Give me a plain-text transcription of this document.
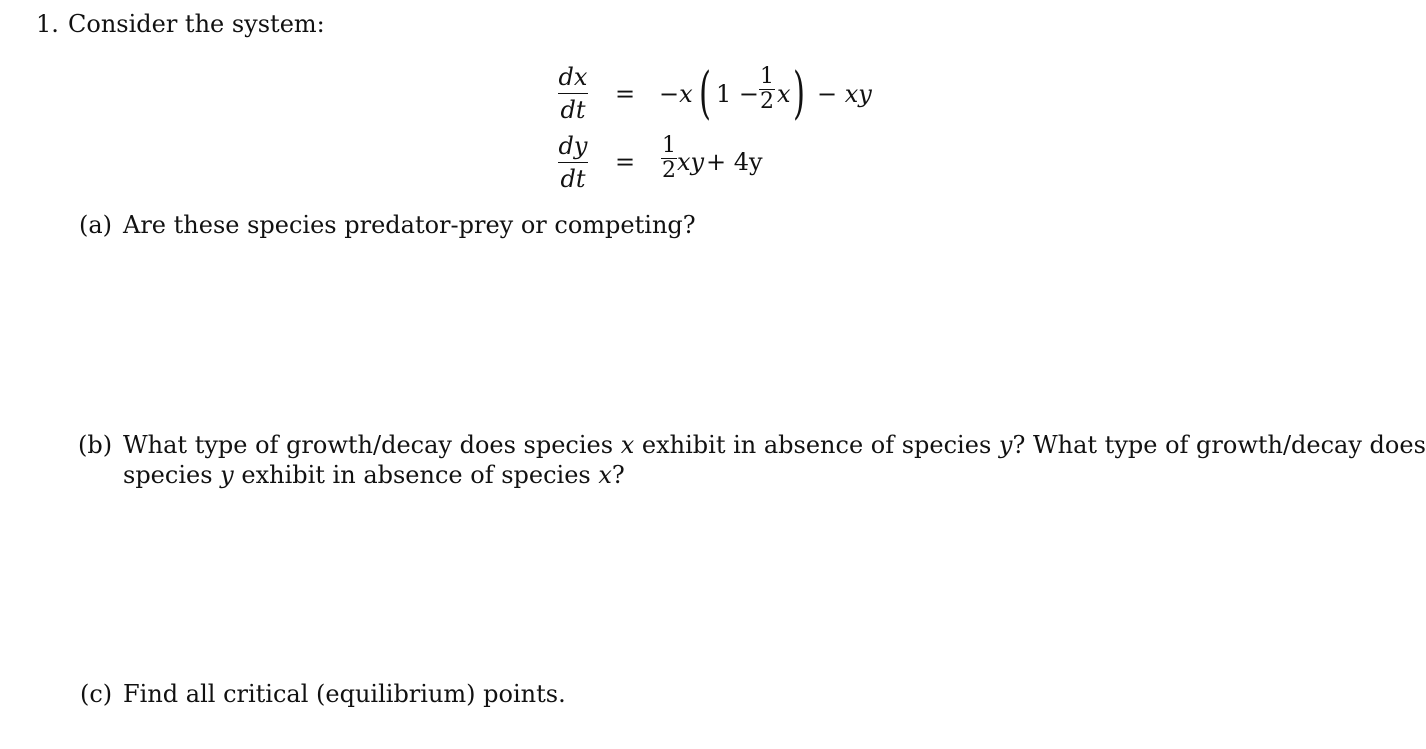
1. Consider the system:
dx
dt
= −x ( 1 −
1
2 x ) − xy
dy
dt
=
1
2 xy + 4y
(a) Are these species predator-prey or competing?
(b) What type of growth/decay does species x exhibit in absence of species y? What type of growth/decay does
species y exhibit in absence of species x?
(c) Find all critical (equilibrium) points.
